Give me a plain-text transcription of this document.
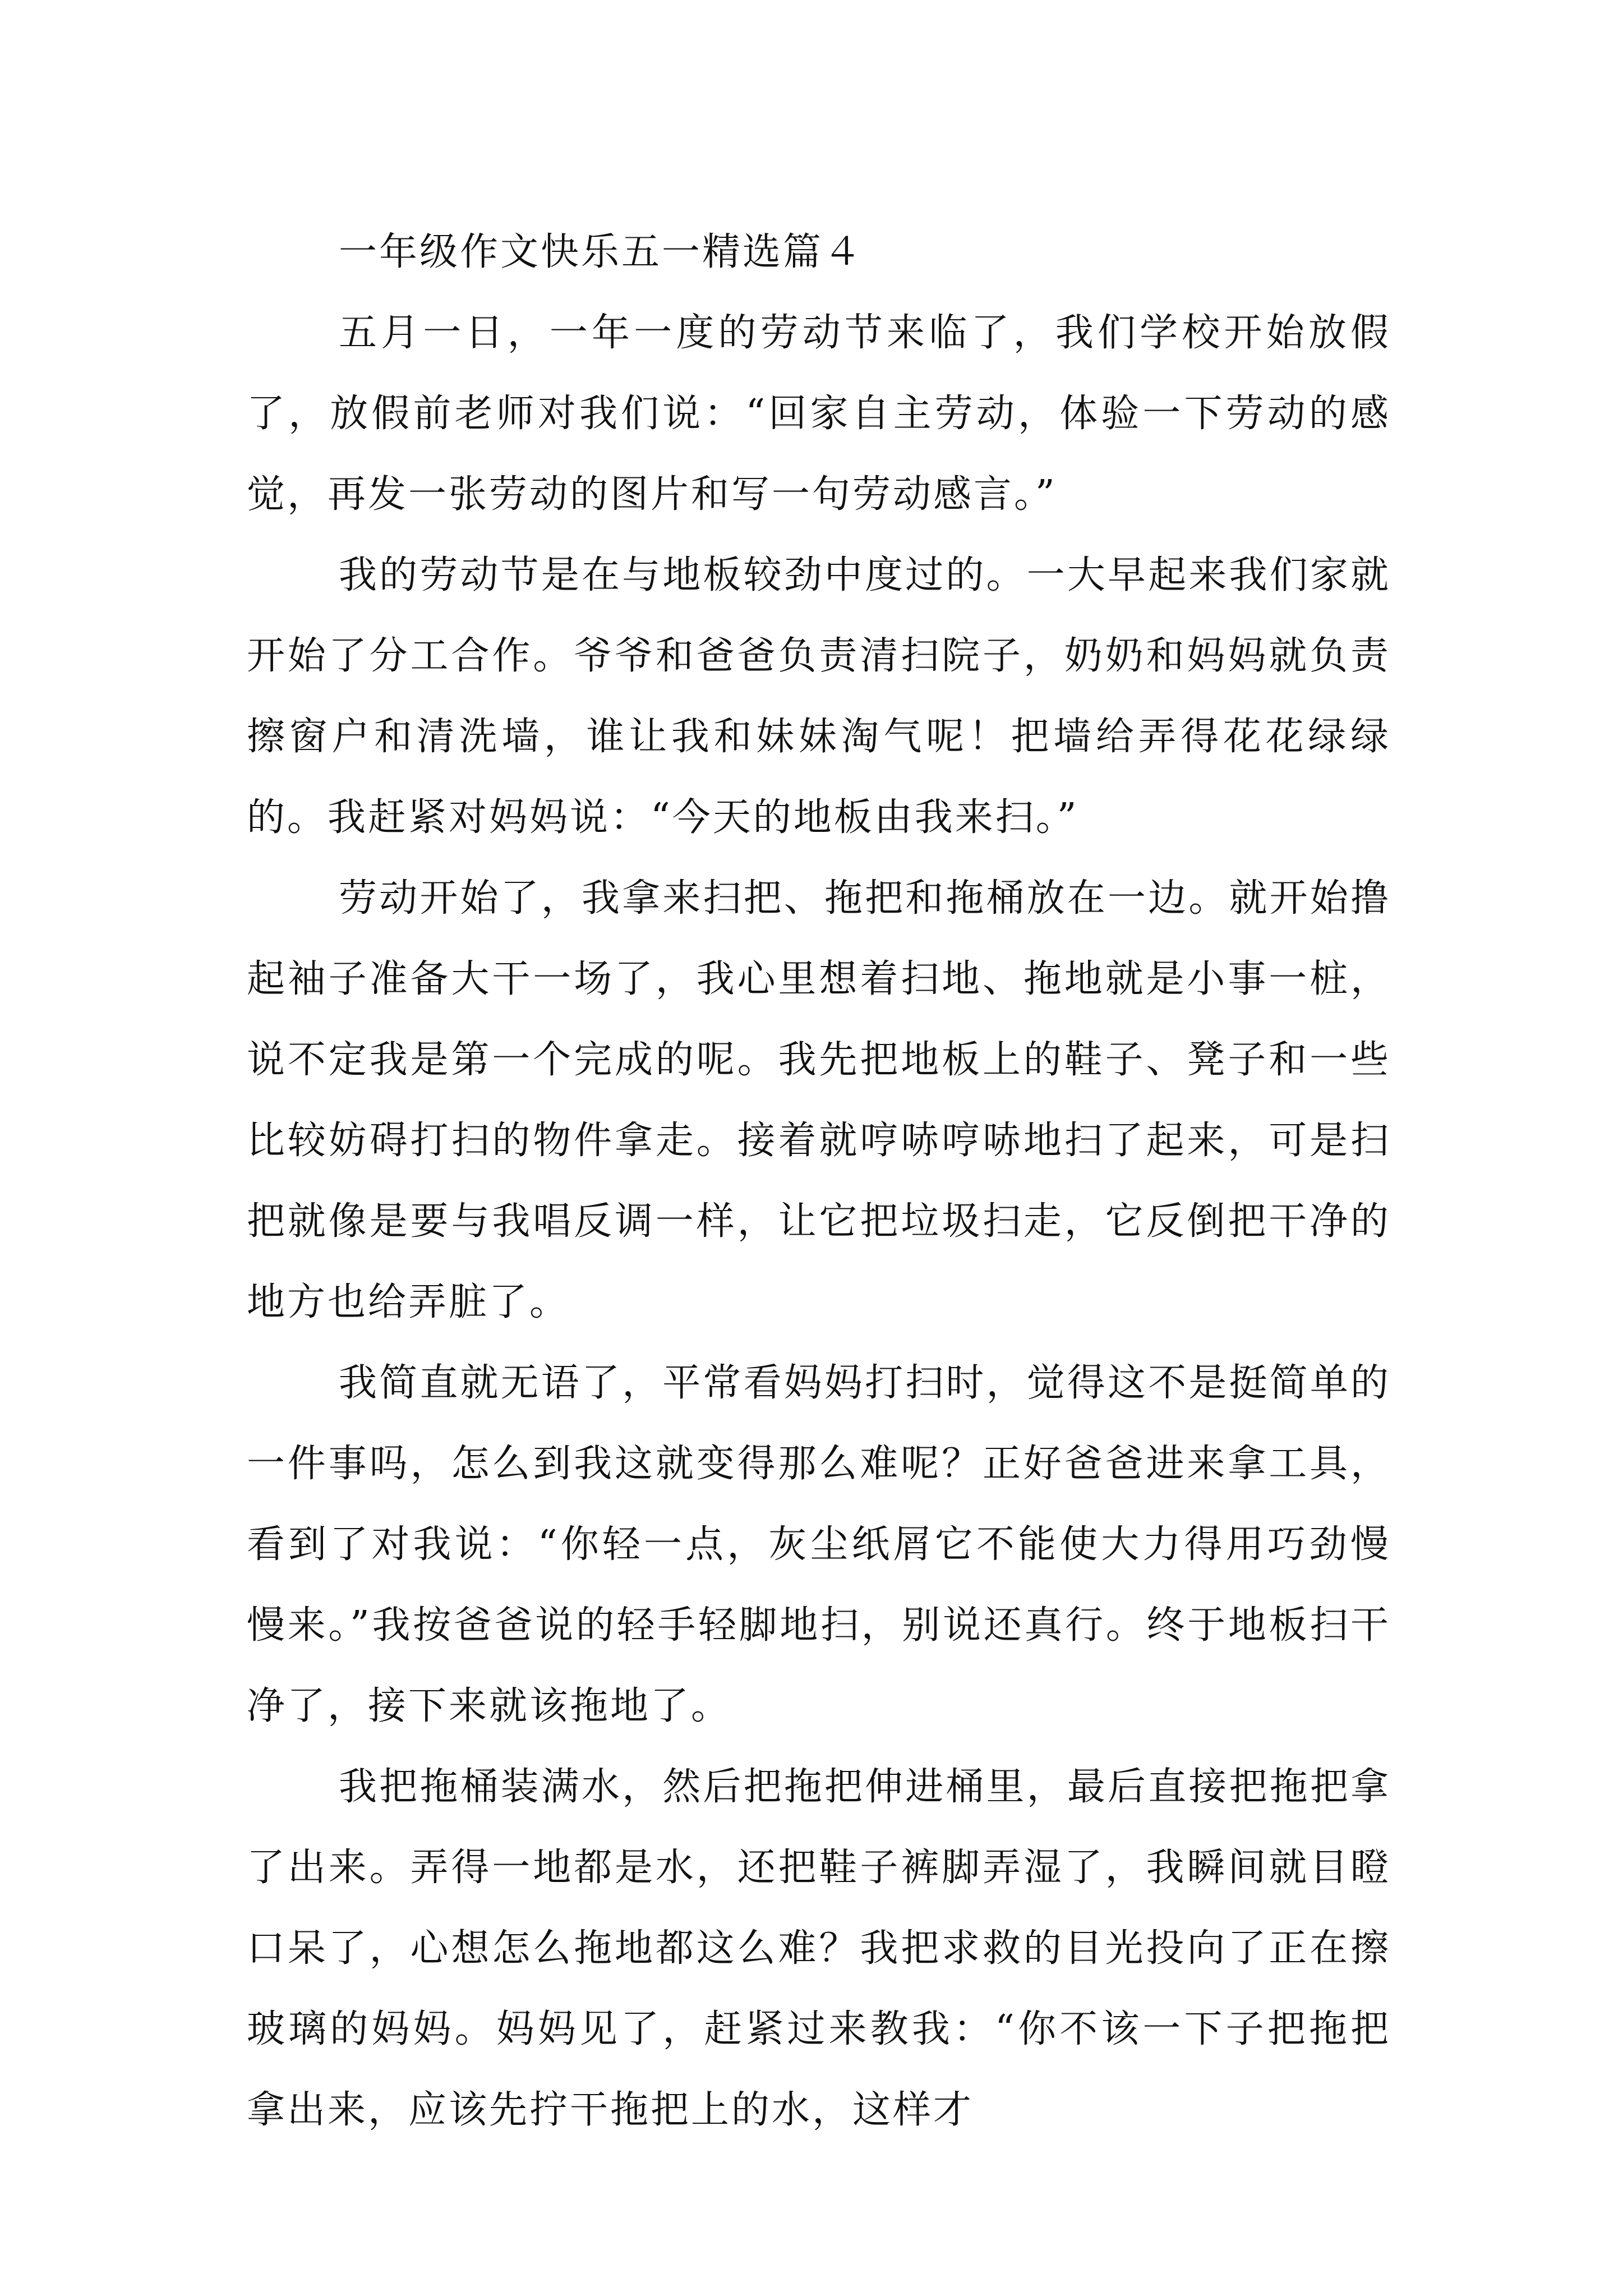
一年级作文快乐五一精选篇４

五月一日，一年一度的劳动节来临了，我们学校开始放假了，放假前老师对我们说：“回家自主劳动，体验一下劳动的感觉，再发一张劳动的图片和写一句劳动感言。”

我的劳动节是在与地板较劲中度过的。一大早起来我们家就开始了分工合作。爷爷和爸爸负责清扫院子，奶奶和妈妈就负责擦窗户和清洗墙，谁让我和妹妹淘气呢！把墙给弄得花花绿绿的。我赶紧对妈妈说：“今天的地板由我来扫。”

劳动开始了，我拿来扫把、拖把和拖桶放在一边。就开始撸起袖子准备大干一场了，我心里想着扫地、拖地就是小事一桩，说不定我是第一个完成的呢。我先把地板上的鞋子、凳子和一些比较妨碍打扫的物件拿走。接着就哼哧哼哧地扫了起来，可是扫把就像是要与我唱反调一样，让它把垃圾扫走，它反倒把干净的地方也给弄脏了。

我简直就无语了，平常看妈妈打扫时，觉得这不是挺简单的一件事吗，怎么到我这就变得那么难呢？正好爸爸进来拿工具，看到了对我说：“你轻一点，灰尘纸屑它不能使大力得用巧劲慢慢来。”我按爸爸说的轻手轻脚地扫，别说还真行。终于地板扫干净了，接下来就该拖地了。

我把拖桶装满水，然后把拖把伸进桶里，最后直接把拖把拿了出来。弄得一地都是水，还把鞋子裤脚弄湿了，我瞬间就目瞪口呆了，心想怎么拖地都这么难？我把求救的目光投向了正在擦玻璃的妈妈。妈妈见了，赶紧过来教我：“你不该一下子把拖把拿出来，应该先拧干拖把上的水，这样才
